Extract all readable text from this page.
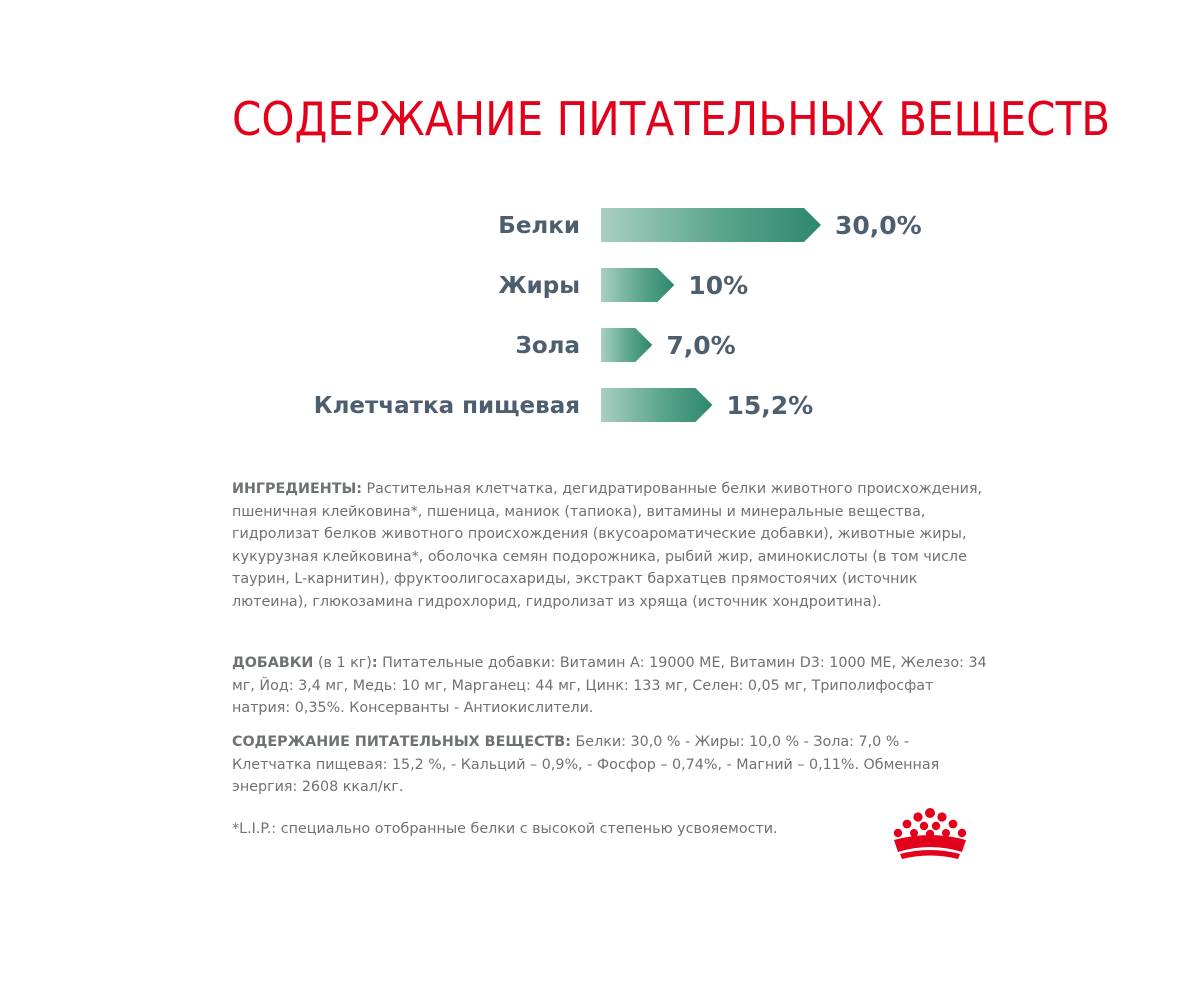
СОДЕРЖАНИЕ ПИТАТЕЛЬНЫХ ВЕЩЕСТВ
Белки	30,0%
Жиры	10%
Зола	7,0%
Клетчатка пищевая	15,2%

ИНГРЕДИЕНТЫ: Растительная клетчатка, дегидратированные белки животного происхождения, пшеничная клейковина*, пшеница, маниок (тапиока), витамины и минеральные вещества, гидролизат белков животного происхождения (вкусоароматические добавки), животные жиры, кукурузная клейковина*, оболочка семян подорожника, рыбий жир, аминокислоты (в том числе таурин, L-карнитин), фруктоолигосахариды, экстракт бархатцев прямостоячих (источник лютеина), глюкозамина гидрохлорид, гидролизат из хряща (источник хондроитина).

ДОБАВКИ (в 1 кг): Питательные добавки: Витамин А: 19000 МЕ, Витамин D3: 1000 МЕ, Железо: 34 мг, Йод: 3,4 мг, Медь: 10 мг, Марганец: 44 мг, Цинк: 133 мг, Селен: 0,05 мг, Триполифосфат натрия: 0,35%. Консерванты - Антиокислители.

СОДЕРЖАНИЕ ПИТАТЕЛЬНЫХ ВЕЩЕСТВ: Белки: 30,0 % - Жиры: 10,0 % - Зола: 7,0 % - Клетчатка пищевая: 15,2 %, - Кальций – 0,9%, - Фосфор – 0,74%, - Магний – 0,11%. Обменная энергия: 2608 ккал/кг.

*L.I.P.: специально отобранные белки с высокой степенью усвояемости.
